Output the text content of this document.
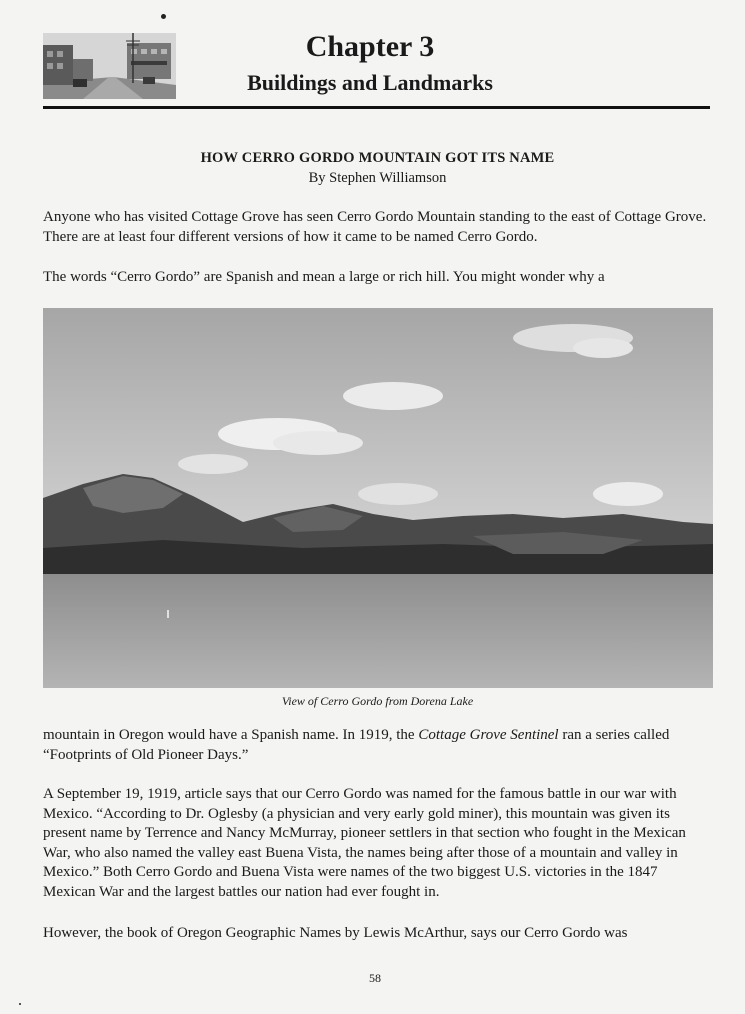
Chapter 3
Buildings and Landmarks
HOW CERRO GORDO MOUNTAIN GOT ITS NAME
By Stephen Williamson
Anyone who has visited Cottage Grove has seen Cerro Gordo Mountain standing to the east of Cottage Grove. There are at least four different versions of how it came to be named Cerro Gordo.
The words “Cerro Gordo” are Spanish and mean a large or rich hill. You might wonder why a
View of Cerro Gordo from Dorena Lake
mountain in Oregon would have a Spanish name. In 1919, the Cottage Grove Sentinel ran a series called “Footprints of Old Pioneer Days.”
A September 19, 1919, article says that our Cerro Gordo was named for the famous battle in our war with Mexico. “According to Dr. Oglesby (a physician and very early gold miner), this mountain was given its present name by Terrence and Nancy McMurray, pioneer settlers in that section who fought in the Mexican War, who also named the valley east Buena Vista, the names being after those of a mountain and valley in Mexico.” Both Cerro Gordo and Buena Vista were names of the two biggest U.S. victories in the 1847 Mexican War and the largest battles our nation had ever fought in.
However, the book of Oregon Geographic Names by Lewis McArthur, says our Cerro Gordo was
58
